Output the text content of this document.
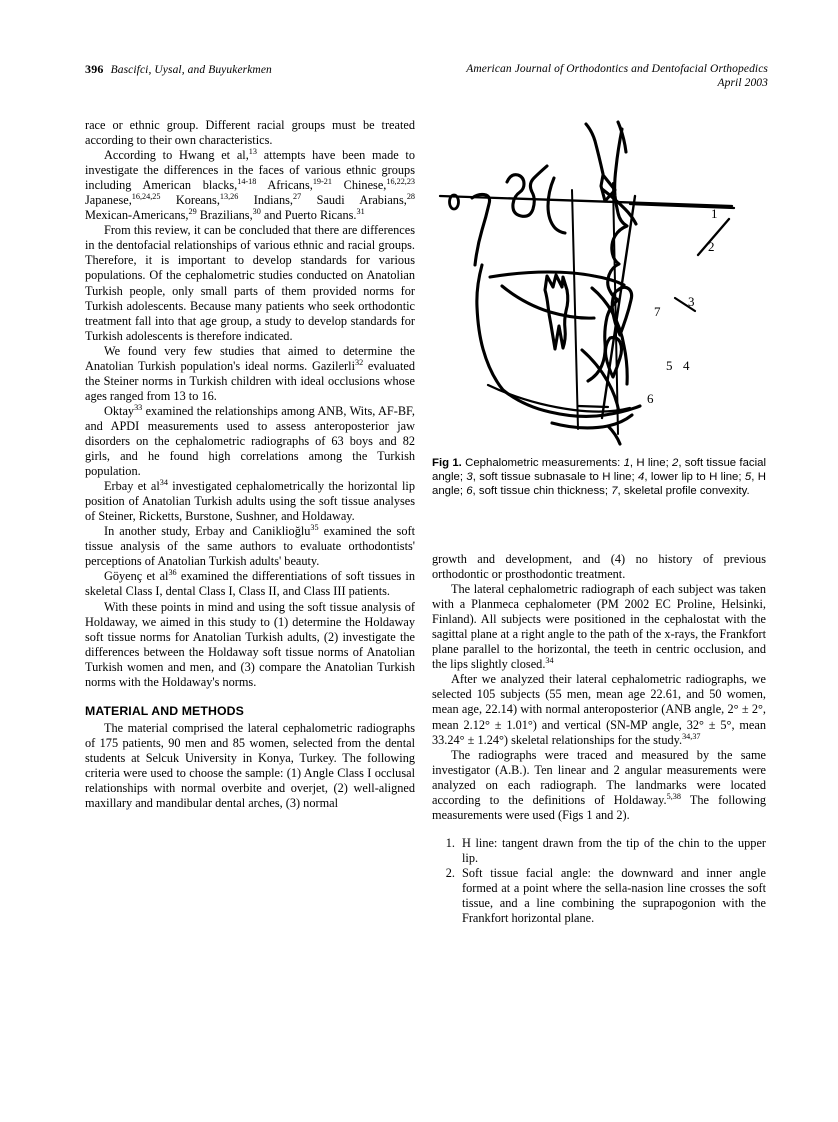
396 Bascifci, Uysal, and Buyukerkmen	American Journal of Orthodontics and Dentofacial Orthopedics
April 2003

race or ethnic group. Different racial groups must be treated according to their own characteristics.

According to Hwang et al,$^{13}$ attempts have been made to investigate the differences in the faces of various ethnic groups including American blacks,$^{14-18}$ Africans,$^{19-21}$ Chinese,$^{16,22,23}$ Japanese,$^{16,24,25}$ Koreans,$^{13,26}$ Indians,$^{27}$ Saudi Arabians,$^{28}$ Mexican-Americans,$^{29}$ Brazilians,$^{30}$ and Puerto Ricans.$^{31}$

From this review, it can be concluded that there are differences in the dentofacial relationships of various ethnic and racial groups. Therefore, it is important to develop standards for various populations. Of the cephalometric studies conducted on Anatolian Turkish people, only small parts of them provided norms for Turkish adolescents. Because many patients who seek orthodontic treatment fall into that age group, a study to develop standards for Turkish adolescents is therefore indicated.

We found very few studies that aimed to determine the Anatolian Turkish population's ideal norms. Gazilerli$^{32}$ evaluated the Steiner norms in Turkish children with ideal occlusions whose ages ranged from 13 to 16.

Oktay$^{33}$ examined the relationships among ANB, Wits, AF-BF, and APDI measurements used to assess anteroposterior jaw disorders on the cephalometric radiographs of 63 boys and 82 girls, and he found high correlations among the Turkish population.

Erbay et $al^{34}$ investigated cephalometrically the horizontal lip position of Anatolian Turkish adults using the soft tissue analyses of Steiner, Ricketts, Burstone, Sushner, and Holdaway.

In another study, Erbay and Caniklioğlu$^{35}$ examined the soft tissue analysis of the same authors to evaluate orthodontists' perceptions of Anatolian Turkish adults' beauty.

Göyenç et $al^{36}$ examined the differentiations of soft tissues in skeletal Class I, dental Class I, Class II, and Class III patients.

With these points in mind and using the soft tissue analysis of Holdaway, we aimed in this study to (1) determine the Holdaway soft tissue norms for Anatolian Turkish adults, (2) investigate the differences between the Holdaway soft tissue norms of Anatolian Turkish women and men, and (3) compare the Anatolian Turkish norms with the Holdaway's norms.

MATERIAL AND METHODS

The material comprised the lateral cephalometric radiographs of 175 patients, 90 men and 85 women, selected from the dental students at Selcuk University in Konya, Turkey. The following criteria were used to choose the sample: (1) Angle Class I occlusal relationships with normal overbite and overjet, (2) well-aligned maxillary and mandibular dental arches, (3) normal

1
2
3
4
5
6
7
Fig 1. Cephalometric measurements: 1, H line; 2, soft tissue facial angle; 3, soft tissue subnasale to H line; 4, lower lip to H line; 5, H angle; 6, soft tissue chin thickness; 7, skeletal profile convexity.

growth and development, and (4) no history of previous orthodontic or prosthodontic treatment.

The lateral cephalometric radiograph of each subject was taken with a Planmeca cephalometer (PM 2002 EC Proline, Helsinki, Finland). All subjects were positioned in the cephalostat with the sagittal plane at a right angle to the path of the x-rays, the Frankfort plane parallel to the horizontal, the teeth in centric occlusion, and the lips slightly closed.$^{34}$

After we analyzed their lateral cephalometric radiographs, we selected 105 subjects (55 men, mean age 22.61, and 50 women, mean age, 22.14) with normal anteroposterior (ANB angle, 2° ± 2°, mean 2.12° ± 1.01°) and vertical (SN-MP angle, 32° ± 5°, mean 33.24° ± 1.24°) skeletal relationships for the study.$^{34,37}$

The radiographs were traced and measured by the same investigator (A.B.). Ten linear and 2 angular measurements were analyzed on each radiograph. The landmarks were located according to the definitions of Holdaway.$^{5,38}$ The following measurements were used (Figs 1 and 2).

1. H line: tangent drawn from the tip of the chin to the upper lip.
2. Soft tissue facial angle: the downward and inner angle formed at a point where the sella-nasion line crosses the soft tissue, and a line combining the suprapogonion with the Frankfort horizontal plane.
